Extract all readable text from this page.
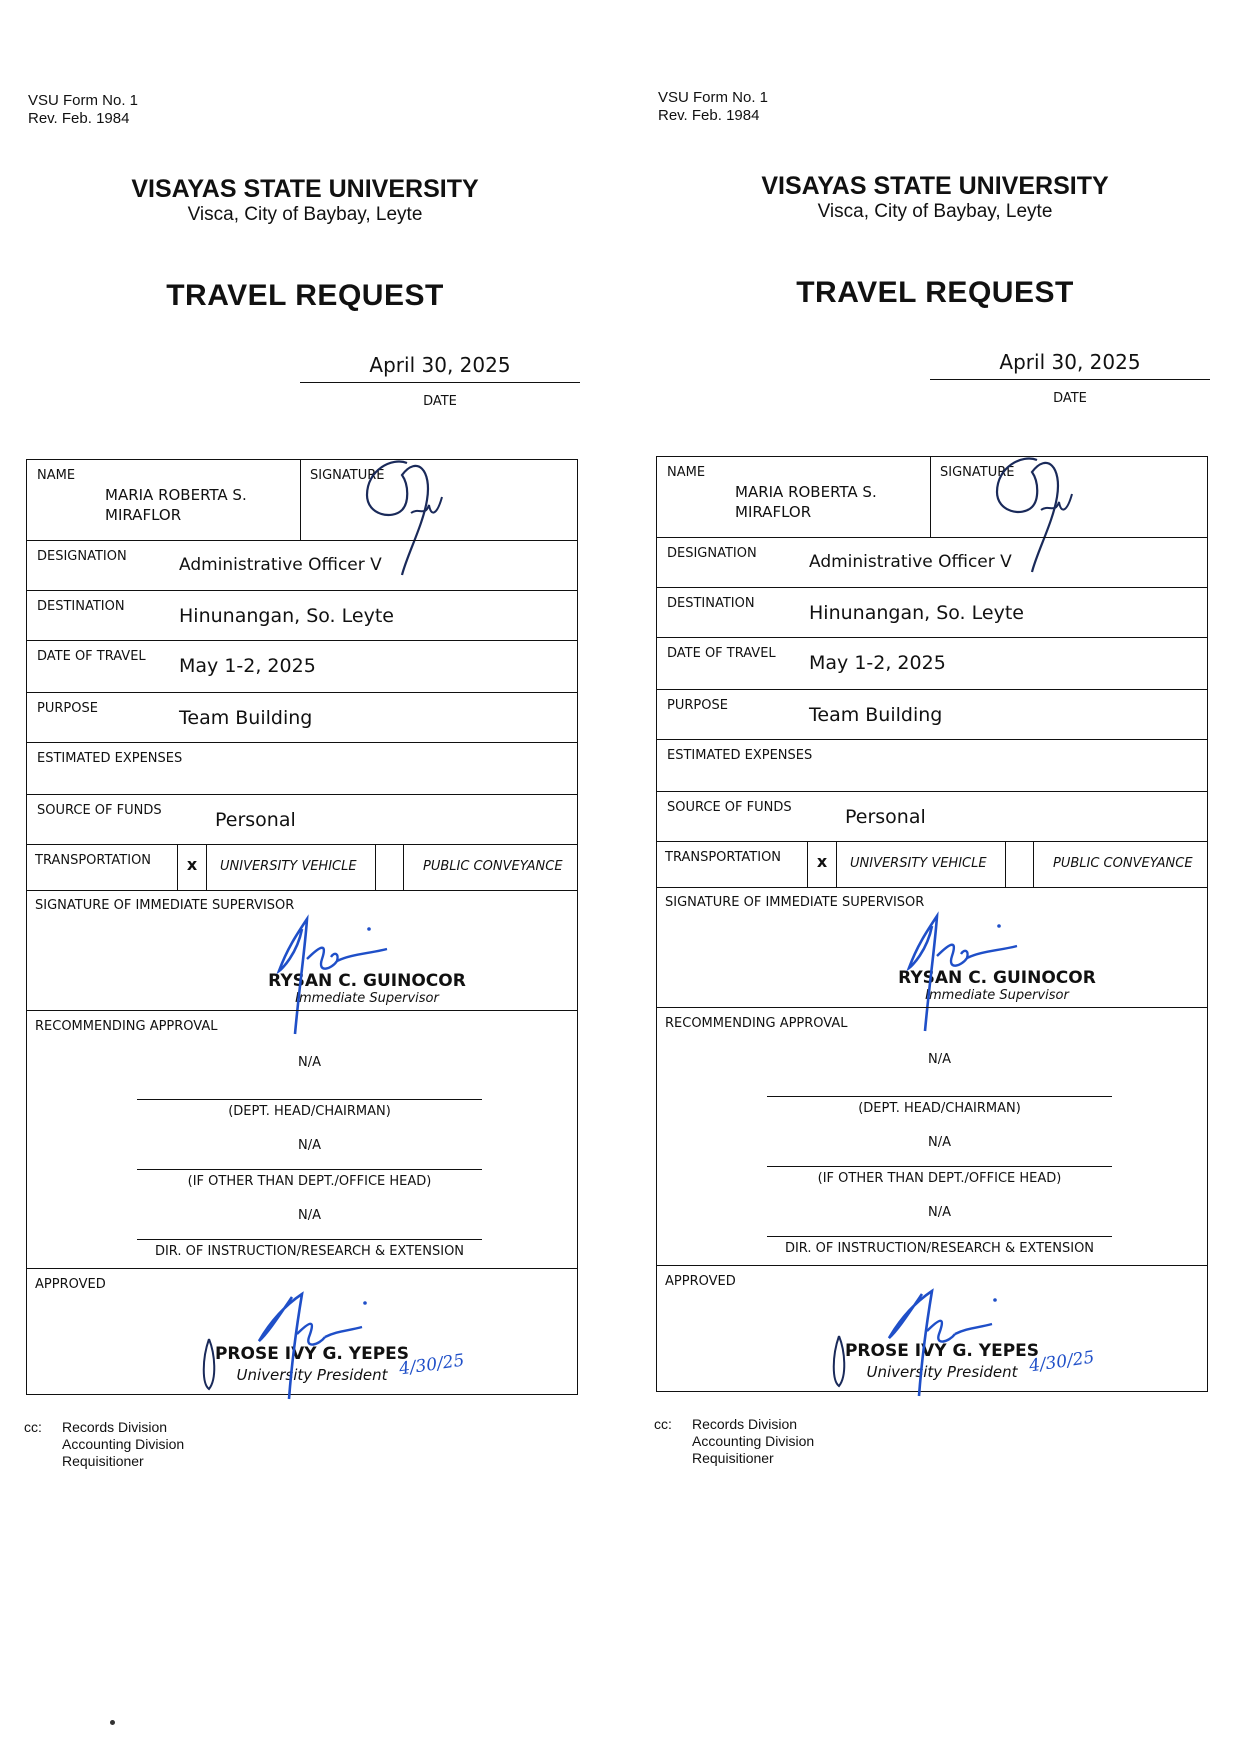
VSU Form No. 1
Rev. Feb. 1984
VISAYAS STATE UNIVERSITY
Visca, City of Baybay, Leyte
TRAVEL REQUEST
April 30, 2025
DATE
NAME
MARIA ROBERTA S.
MIRAFLOR
SIGNATURE
DESIGNATION	Administrative Officer V
DESTINATION	Hinunangan, So. Leyte
DATE OF TRAVEL May 1-2, 2025
PURPOSE	Team Building
ESTIMATED EXPENSES
SOURCE OF FUNDS	Personal
TRANSPORTATION x UNIVERSITY VEHICLE	PUBLIC CONVEYANCE
SIGNATURE OF IMMEDIATE SUPERVISOR
RYSAN C. GUINOCOR
Immediate Supervisor
RECOMMENDING APPROVAL
N/A
(DEPT. HEAD/CHAIRMAN)
N/A
(IF OTHER THAN DEPT./OFFICE HEAD)
N/A
DIR. OF INSTRUCTION/RESEARCH & EXTENSION
APPROVED
PROSE IVY G. YEPES
University President 4/30/25
cc: Records Division
Accounting Division
Requisitioner
VSU Form No. 1
Rev. Feb. 1984
VISAYAS STATE UNIVERSITY
Visca, City of Baybay, Leyte
TRAVEL REQUEST
April 30, 2025
DATE
NAME
MARIA ROBERTA S.
MIRAFLOR
SIGNATURE
DESIGNATION	Administrative Officer V
DESTINATION	Hinunangan, So. Leyte
DATE OF TRAVEL May 1-2, 2025
PURPOSE	Team Building
ESTIMATED EXPENSES
SOURCE OF FUNDS	Personal
TRANSPORTATION x UNIVERSITY VEHICLE	PUBLIC CONVEYANCE
SIGNATURE OF IMMEDIATE SUPERVISOR
RYSAN C. GUINOCOR
Immediate Supervisor
RECOMMENDING APPROVAL
N/A
(DEPT. HEAD/CHAIRMAN)
N/A
(IF OTHER THAN DEPT./OFFICE HEAD)
N/A
DIR. OF INSTRUCTION/RESEARCH & EXTENSION
APPROVED
PROSE IVY G. YEPES
University President 4/30/25
cc: Records Division
Accounting Division
Requisitioner
